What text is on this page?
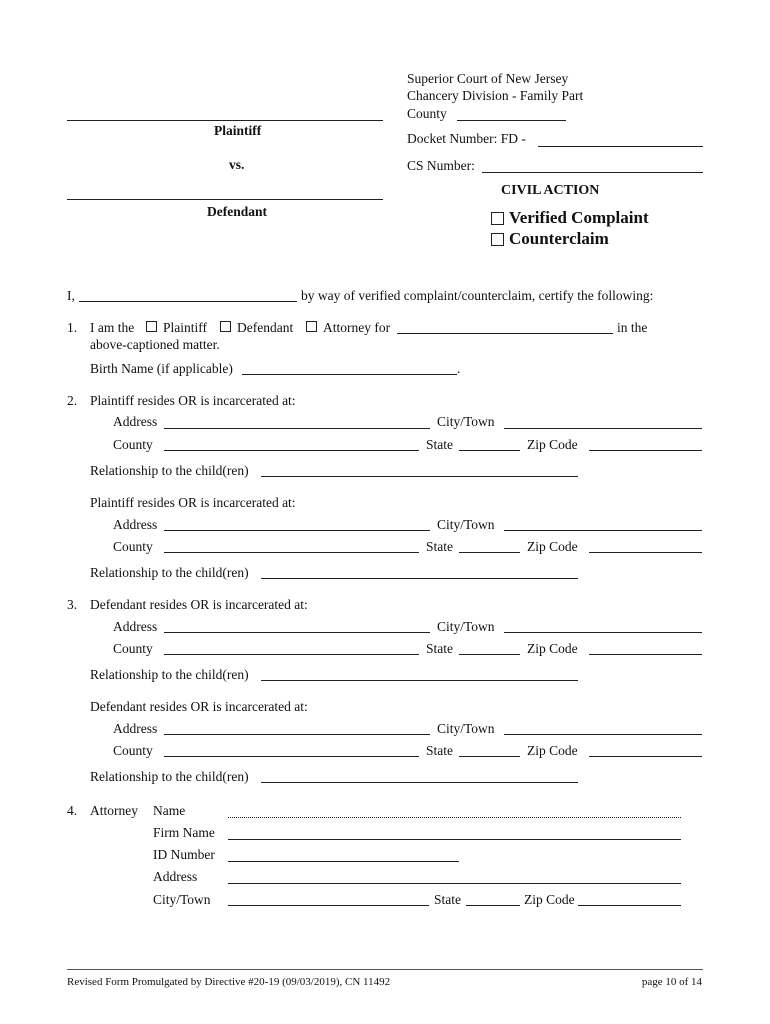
Superior Court of New Jersey
Chancery Division - Family Part
County
Plaintiff
Docket Number: FD -
vs.	CS Number:
CIVIL ACTION
Defendant	Verified Complaint
Counterclaim
I,	by way of verified complaint/counterclaim, certify the following:
1. I am the Plaintiff Defendant Attorney for	in the
above-captioned matter.
Birth Name (if applicable)	.
2. Plaintiff resides OR is incarcerated at:
Address	City/Town
County	State	Zip Code
Relationship to the child(ren)
Plaintiff resides OR is incarcerated at:
Address	City/Town
County	State	Zip Code
Relationship to the child(ren)
3. Defendant resides OR is incarcerated at:
Address	City/Town
County	State	Zip Code
Relationship to the child(ren)
Defendant resides OR is incarcerated at:
Address	City/Town
County	State	Zip Code
Relationship to the child(ren)
4. Attorney Name
Firm Name
ID Number
Address
City/Town	State	Zip Code
Revised Form Promulgated by Directive #20-19 (09/03/2019), CN 11492	page 10 of 14
